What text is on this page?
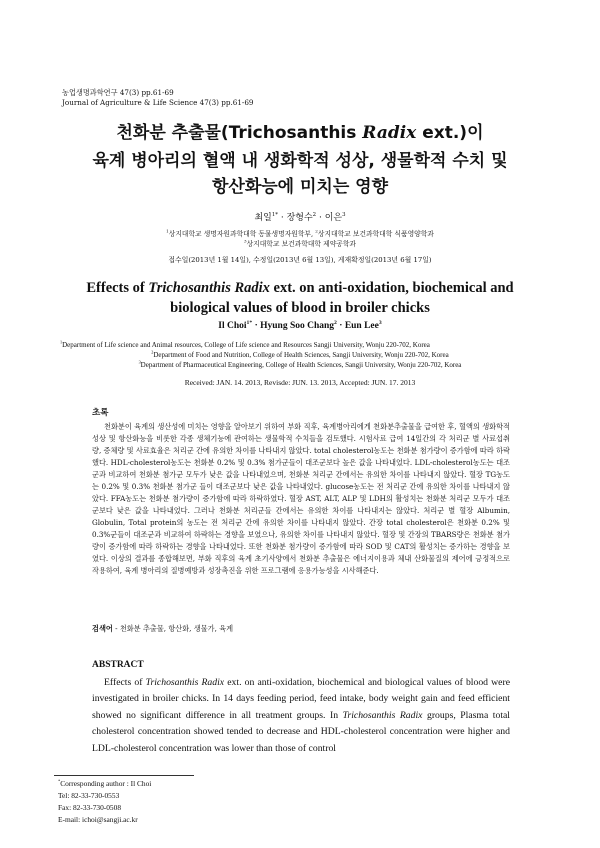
농업생명과학연구 47(3) pp.61-69
Journal of Agriculture & Life Science 47(3) pp.61-69
천화분 추출물(Trichosanthis Radix ext.)이
육계 병아리의 혈액 내 생화학적 성상, 생물학적 수치 및
항산화능에 미치는 영향
최일$^{1*}$ · 장형수$^2$ · 이은$^3$
$^1$상지대학교 생명자원과학대학 동물생명자원학부, $^2$상지대학교 보건과학대학 식품영양학과
$^3$상지대학교 보건과학대학 제약공학과
접수일(2013년 1월 14일), 수정일(2013년 6월 13일), 게재확정일(2013년 6월 17일)
Effects of Trichosanthis Radix ext. on anti-oxidation, biochemical and
biological values of blood in broiler chicks
Il Choi$^{1*}$ · Hyung Soo Chang$^2$ · Eun Lee$^3$
$^1$Department of Life science and Animal resources, College of Life science and Resources Sangji University, Wonju 220-702, Korea
$^2$Department of Food and Nutrition, College of Health Sciences, Sangji University, Wonju 220-702, Korea
$^3$Department of Pharmaceutical Engineering, College of Health Sciences, Sangji University, Wonju 220-702, Korea
Received: JAN. 14. 2013, Revisde: JUN. 13. 2013, Accepted: JUN. 17. 2013
초록
천화분이 육계의 생산성에 미치는 영향을 알아보기 위하여 부화 직후, 육계병아리에게 천화분추출물을 급여한 후, 혈액의 생화학적 성상 및 항산화능을 비롯한 각종 생체기능에 관여하는 생물학적 수치들을 검토했다. 시험사료 급여 14일간의 각 처리군 별 사료섭취량, 증체량 및 사료효율은 처리군 간에 유의한 차이를 나타내지 않았다. total cholesterol농도는 천화분 첨가량이 증가함에 따라 하락했다. HDL-cholesterol농도는 천화분 0.2% 및 0.3% 첨가군들이 대조군보다 높은 값을 나타내었다. LDL-cholesterol농도는 대조군과 비교하여 천화분 첨가군 모두가 낮은 값을 나타내었으며, 천화분 처리군 간에서는 유의한 차이를 나타내지 않았다. 혈장 TG농도는 0.2% 및 0.3% 천화분 첨가군 들이 대조군보다 낮은 값을 나타내었다. glucose농도는 전 처리군 간에 유의한 차이를 나타내지 않았다. FFA농도는 천화분 첨가량이 증가함에 따라 하락하였다. 혈장 AST, ALT, ALP 및 LDH의 활성치는 천화분 처리군 모두가 대조군보다 낮은 값을 나타내었다. 그러나 천화분 처리군들 간에서는 유의한 차이를 나타내지는 않았다. 처리군 별 혈장 Albumin, Globulin, Total protein의 농도는 전 처리군 간에 유의한 차이를 나타내지 않았다. 간장 total cholesterol은 천화분 0.2% 및 0.3%군들이 대조군과 비교하여 하락하는 경향을 보였으나, 유의한 차이를 나타내지 않았다. 혈장 및 간장의 TBARS량은 천화분 첨가량이 증가함에 따라 하락하는 경향을 나타내었다. 또한 천화분 첨가량이 증가함에 따라 SOD 및 CAT의 활성치는 증가하는 경향을 보였다. 이상의 결과를 종합해보면, 부화 직후의 육계 초기사양에서 천화분 추출물은 에너지이용과 체내 산화물질의 제어에 긍정적으로 작용하여, 육계 병아리의 질병예방과 성장촉진을 위한 프로그램에 응용가능성을 시사해준다.
검색어 - 천화분 추출물, 항산화, 생물가, 육계
ABSTRACT
Effects of Trichosanthis Radix ext. on anti-oxidation, biochemical and biological values of blood were investigated in broiler chicks. In 14 days feeding period, feed intake, body weight gain and feed efficient showed no significant difference in all treatment groups. In Trichosanthis Radix groups, Plasma total cholesterol concentration showed tended to decrease and HDL-cholesterol concentration were higher and LDL-cholesterol concentration was lower than those of control
*Corresponding author : Il Choi
Tel: 82-33-730-0553
Fax: 82-33-730-0508
E-mail: ichoi@sangji.ac.kr
